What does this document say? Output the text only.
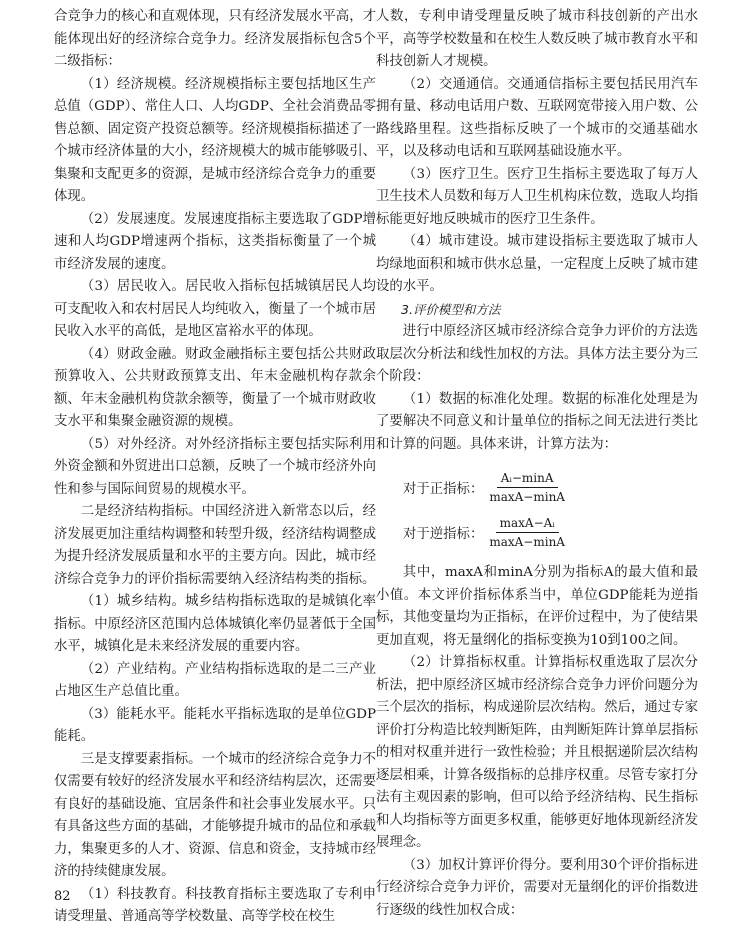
合竞争力的核心和直观体现，只有经济发展水平高，才能体现出好的经济综合竞争力。经济发展指标包含5个二级指标：

（1）经济规模。经济规模指标主要包括地区生产总值（GDP）、常住人口、人均GDP、全社会消费品零售总额、固定资产投资总额等。经济规模指标描述了一个城市经济体量的大小，经济规模大的城市能够吸引、集聚和支配更多的资源，是城市经济综合竞争力的重要体现。

（2）发展速度。发展速度指标主要选取了GDP增速和人均GDP增速两个指标，这类指标衡量了一个城市经济发展的速度。

（3）居民收入。居民收入指标包括城镇居民人均可支配收入和农村居民人均纯收入，衡量了一个城市居民收入水平的高低，是地区富裕水平的体现。

（4）财政金融。财政金融指标主要包括公共财政预算收入、公共财政预算支出、年末金融机构存款余额、年末金融机构贷款余额等，衡量了一个城市财政收支水平和集聚金融资源的规模。

（5）对外经济。对外经济指标主要包括实际利用外资金额和外贸进出口总额，反映了一个城市经济外向性和参与国际间贸易的规模水平。

二是经济结构指标。中国经济进入新常态以后，经济发展更加注重结构调整和转型升级，经济结构调整成为提升经济发展质量和水平的主要方向。因此，城市经济综合竞争力的评价指标需要纳入经济结构类的指标。

（1）城乡结构。城乡结构指标选取的是城镇化率指标。中原经济区范围内总体城镇化率仍显著低于全国水平，城镇化是未来经济发展的重要内容。

（2）产业结构。产业结构指标选取的是二三产业占地区生产总值比重。

（3）能耗水平。能耗水平指标选取的是单位GDP能耗。

三是支撑要素指标。一个城市的经济综合竞争力不仅需要有较好的经济发展水平和经济结构层次，还需要有良好的基础设施、宜居条件和社会事业发展水平。只有具备这些方面的基础，才能够提升城市的品位和承载力，集聚更多的人才、资源、信息和资金，支持城市经济的持续健康发展。

（1）科技教育。科技教育指标主要选取了专利申请受理量、普通高等学校数量、高等学校在校生

人数，专利申请受理量反映了城市科技创新的产出水平，高等学校数量和在校生人数反映了城市教育水平和科技创新人才规模。

（2）交通通信。交通通信指标主要包括民用汽车拥有量、移动电话用户数、互联网宽带接入用户数、公路线路里程。这些指标反映了一个城市的交通基础水平，以及移动电话和互联网基础设施水平。

（3）医疗卫生。医疗卫生指标主要选取了每万人卫生技术人员数和每万人卫生机构床位数，选取人均指标能更好地反映城市的医疗卫生条件。

（4）城市建设。城市建设指标主要选取了城市人均绿地面积和城市供水总量，一定程度上反映了城市建设的水平。

3.评价模型和方法

进行中原经济区城市经济综合竞争力评价的方法选取层次分析法和线性加权的方法。具体方法主要分为三个阶段：

（1）数据的标准化处理。数据的标准化处理是为了要解决不同意义和计量单位的指标之间无法进行类比和计算的问题。具体来讲，计算方法为：

对于正指标： $\frac{\text{Aᵢ−minA}}{\max A-\min A}$
对于逆指标： $\frac{\text{maxA−Aᵢ}}{\max A-\min A}$

其中，maxA和minA分别为指标A的最大值和最小值。本文评价指标体系当中，单位GDP能耗为逆指标，其他变量均为正指标，在评价过程中，为了使结果更加直观，将无量纲化的指标变换为10到100之间。

（2）计算指标权重。计算指标权重选取了层次分析法，把中原经济区城市经济综合竞争力评价问题分为三个层次的指标，构成递阶层次结构。然后，通过专家评价打分构造比较判断矩阵，由判断矩阵计算单层指标的相对权重并进行一致性检验；并且根据递阶层次结构逐层相乘，计算各级指标的总排序权重。尽管专家打分法有主观因素的影响，但可以给予经济结构、民生指标和人均指标等方面更多权重，能够更好地体现新经济发展理念。

（3）加权计算评价得分。要利用30个评价指标进行经济综合竞争力评价，需要对无量纲化的评价指数进行逐级的线性加权合成：

82
